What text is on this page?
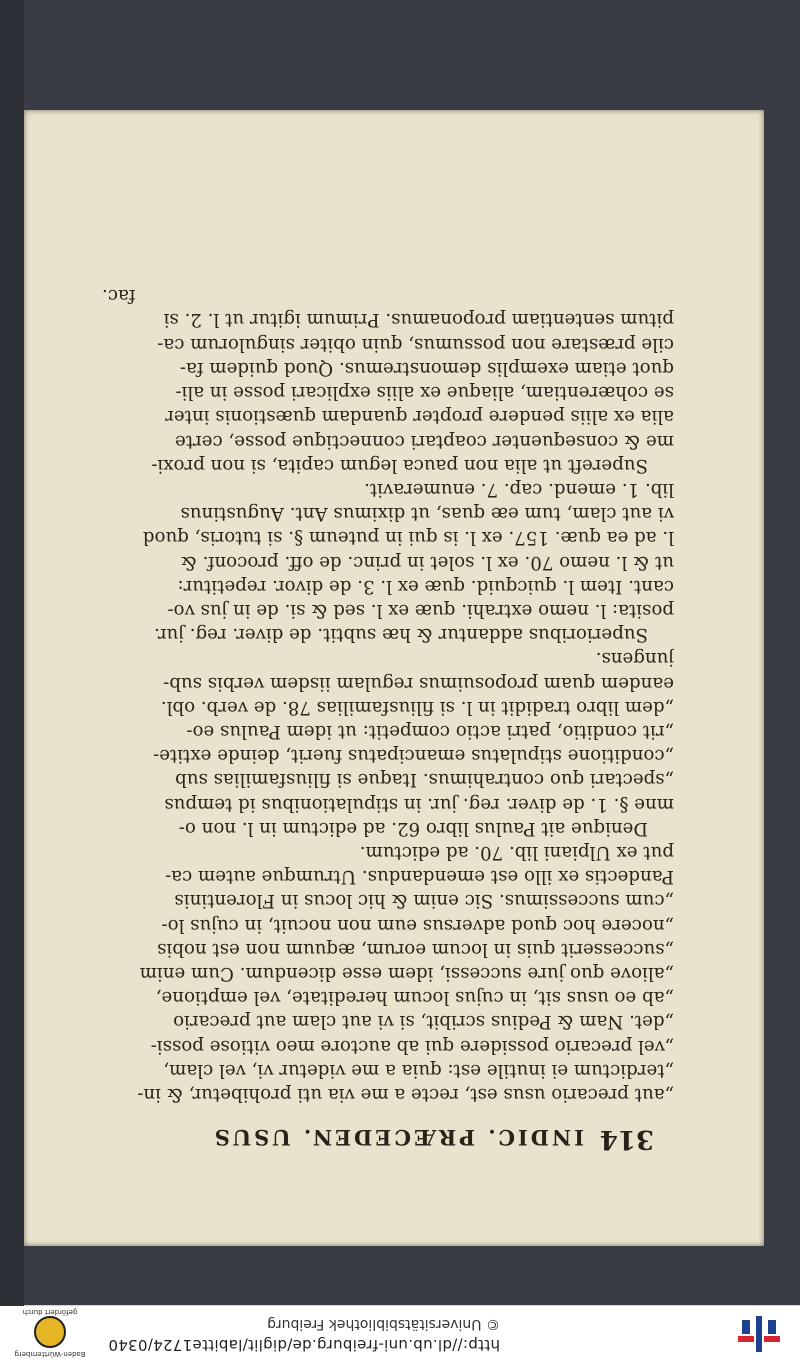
http://dl.ub.uni-freiburg.de/diglit/labitte1724/0340
© Universitätsbibliothek Freiburg
Baden-Württemberg
gefördert durch
314
INDIC. PRÆCEDEN. USUS
„aut precario usus est, recte a me via uti prohibetur, & in-
„terdictum ei inutile est: quia a me videtur vi, vel clam,
„vel precario possidere qui ab auctore meo vitiose possi-
„det. Nam & Pedius scribit, si vi aut clam aut precario
„ab eo usus sit, in cujus locum hereditate, vel emptione,
„aliove quo jure successi, idem esse dicendum. Cum enim
„successerit quis in locum eorum, æquum non est nobis
„nocere hoc quod adversus eum non nocuit, in cujus lo-
„cum successimus. Sic enim & hic locus in Florentinis
Pandectis ex illo est emendandus. Utrumque autem ca-
put ex Ulpiani lib. 70. ad edictum.
Denique ait Paulus libro 62. ad edictum in l. non o-
mne §. 1. de diver. reg. jur. in stipulationibus id tempus
„spectari quo contrahimus. Itaque si filiusfamilias sub
„conditione stipulatus emancipatus fuerit, deinde extite-
„rit conditio, patri actio competit: ut idem Paulus eo-
„dem libro tradidit in l. si filiusfamilias 78. de verb. obl.
eandem quam proposuimus regulam iisdem verbis sub-
jungens.
Superioribus addantur & hæ subtit. de diver. reg. jur.
posita: l. nemo extrahi. quæ ex l. sed & si. de in jus vo-
cant. Item l. quicquid. quæ ex l. 3. de divor. repetitur:
ut & l. nemo 70. ex l. solet in princ. de off. proconf. &
l. ad ea quæ. 157. ex l. is qui in puteum §. si tutoris, quod
vi aut clam, tum eæ quas, ut diximus Ant. Augustinus
lib. 1. emend. cap. 7. enumeravit.
Supereft ut alia non pauca legum capita, si non proxi-
me & consequenter coaptari connectique posse, certe
alia ex aliis pendere propter quandam quæstionis inter
se cohærentiam, aliaque ex aliis explicari posse in ali-
quot etiam exemplis demonstremus. Quod quidem fa-
cile præstare non possumus, quin obiter singulorum ca-
pitum sententiam proponamus. Primum igitur ut l. 2. si
fac.
